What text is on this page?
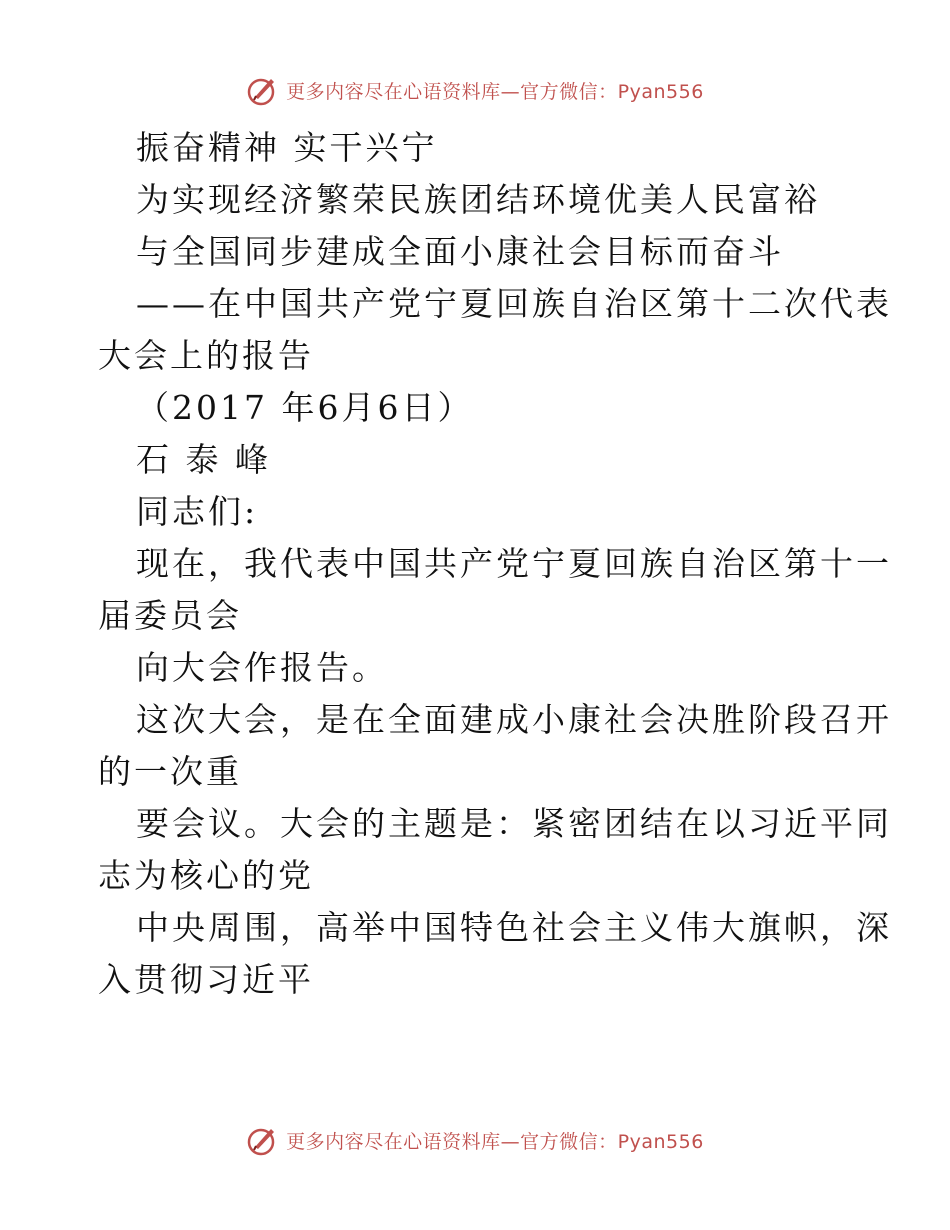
更多内容尽在心语资料库—官方微信：Pyan556
振奋精神 实干兴宁
为实现经济繁荣民族团结环境优美人民富裕
与全国同步建成全面小康社会目标而奋斗
——在中国共产党宁夏回族自治区第十二次代表
大会上的报告
（2017 年6月6日）
石 泰 峰
同志们:
现在，我代表中国共产党宁夏回族自治区第十一
届委员会
向大会作报告。
这次大会，是在全面建成小康社会决胜阶段召开
的一次重
要会议。大会的主题是：紧密团结在以习近平同
志为核心的党
中央周围，高举中国特色社会主义伟大旗帜，深
入贯彻习近平
更多内容尽在心语资料库—官方微信：Pyan556
